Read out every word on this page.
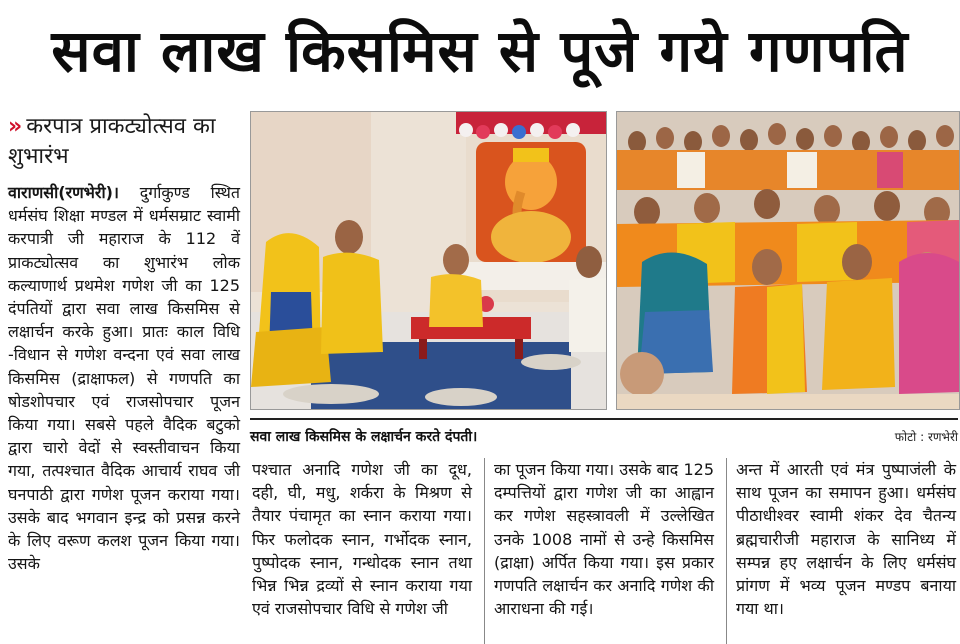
सवा लाख किसमिस से पूजे गये गणपति
» करपात्र प्राकट्योत्सव का शुभारंभ
वाराणसी(रणभेरी)। दुर्गाकुण्ड स्थित धर्मसंघ शिक्षा मण्डल में धर्मसम्राट स्वामी करपात्री जी महाराज के 112 वें प्राकट्योत्सव का शुभारंभ लोक कल्याणार्थ प्रथमेश गणेश जी का 125 दंपतियों द्वारा सवा लाख किसमिस से लक्षार्चन करके हुआ। प्रातः काल विधि -विधान से गणेश वन्दना एवं सवा लाख किसमिस (द्राक्षाफल) से गणपति का षोडशोपचार एवं राजसोपचार पूजन किया गया। सबसे पहले वैदिक बटुको द्वारा चारो वेदों से स्वस्तीवाचन किया गया, तत्पश्चात वैदिक आचार्य राघव जी घनपाठी द्वारा गणेश पूजन कराया गया। उसके बाद भगवान इन्द्र को प्रसन्न करने के लिए वरूण कलश पूजन किया गया। उसके
सवा लाख किसमिस के लक्षार्चन करते दंपती।	फोटो : रणभेरी
पश्चात अनादि गणेश जी का दूध, दही, घी, मधु, शर्करा के मिश्रण से तैयार पंचामृत का स्नान कराया गया। फिर फलोदक स्नान, गर्भोदक स्नान, पुष्पोदक स्नान, गन्धोदक स्नान तथा भिन्न भिन्न द्रव्यों से स्नान कराया गया एवं राजसोपचार विधि से गणेश जी
का पूजन किया गया। उसके बाद 125 दम्पत्तियों द्वारा गणेश जी का आह्वान कर गणेश सहस्त्रावली में उल्लेखित उनके 1008 नामों से उन्हे किसमिस (द्राक्षा) अर्पित किया गया। इस प्रकार गणपति लक्षार्चन कर अनादि गणेश की आराधना की गई।
अन्त में आरती एवं मंत्र पुष्पाजंली के साथ पूजन का समापन हुआ। धर्मसंघ पीठाधीश्वर स्वामी शंकर देव चैतन्य ब्रह्मचारीजी महाराज के सानिध्य में सम्पन्न हए लक्षार्चन के लिए धर्मसंघ प्रांगण में भव्य पूजन मण्डप बनाया गया था।
